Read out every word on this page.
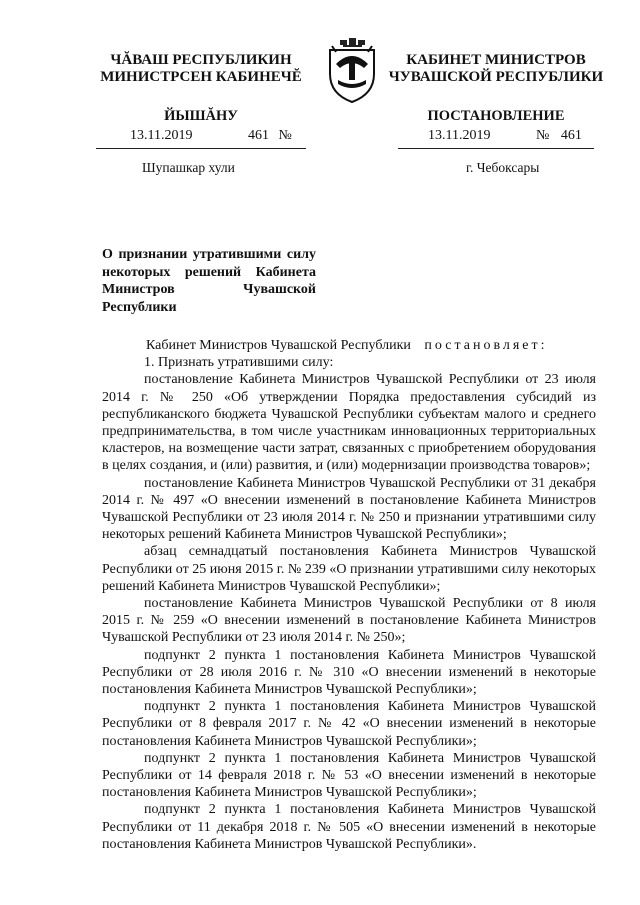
ЧĂВАШ РЕСПУБЛИКИН
МИНИСТРСЕН КАБИНЕЧĔ
ЙЫШĂНУ
КАБИНЕТ МИНИСТРОВ
ЧУВАШСКОЙ РЕСПУБЛИКИ
ПОСТАНОВЛЕНИЕ
13.11.2019	461 №	13.11.2019	№ 461
Шупашкар хули	г. Чебоксары
О признании утратившими силу некоторых решений Кабинета Министров Чувашской Республики

Кабинет Министров Чувашской Республики постановляет:

1. Признать утратившими силу:

постановление Кабинета Министров Чувашской Республики от 23 июля 2014 г. № 250 «Об утверждении Порядка предоставления субсидий из республиканского бюджета Чувашской Республики субъектам малого и среднего предпринимательства, в том числе участникам инновационных территориальных кластеров, на возмещение части затрат, связанных с приобретением оборудования в целях создания, и (или) развития, и (или) модернизации производства товаров»;

постановление Кабинета Министров Чувашской Республики от 31 декабря 2014 г. № 497 «О внесении изменений в постановление Кабинета Министров Чувашской Республики от 23 июля 2014 г. № 250 и признании утратившими силу некоторых решений Кабинета Министров Чувашской Республики»;

абзац семнадцатый постановления Кабинета Министров Чувашской Республики от 25 июня 2015 г. № 239 «О признании утратившими силу некоторых решений Кабинета Министров Чувашской Республики»;

постановление Кабинета Министров Чувашской Республики от 8 июля 2015 г. № 259 «О внесении изменений в постановление Кабинета Министров Чувашской Республики от 23 июля 2014 г. № 250»;

подпункт 2 пункта 1 постановления Кабинета Министров Чувашской Республики от 28 июля 2016 г. № 310 «О внесении изменений в некоторые постановления Кабинета Министров Чувашской Республики»;

подпункт 2 пункта 1 постановления Кабинета Министров Чувашской Республики от 8 февраля 2017 г. № 42 «О внесении изменений в некоторые постановления Кабинета Министров Чувашской Республики»;

подпункт 2 пункта 1 постановления Кабинета Министров Чувашской Республики от 14 февраля 2018 г. № 53 «О внесении изменений в некоторые постановления Кабинета Министров Чувашской Республики»;

подпункт 2 пункта 1 постановления Кабинета Министров Чувашской Республики от 11 декабря 2018 г. № 505 «О внесении изменений в некоторые постановления Кабинета Министров Чувашской Республики».
